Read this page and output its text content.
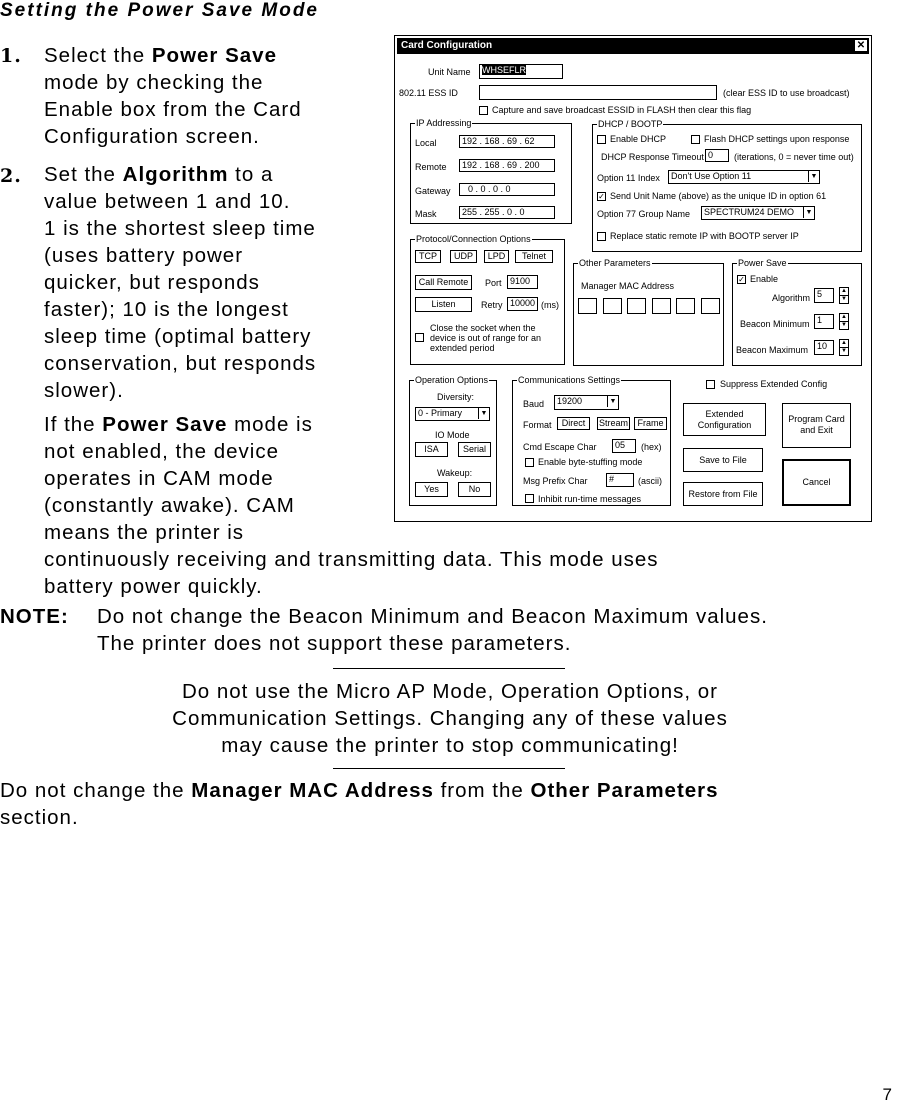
Setting the Power Save Mode
1. Select the Power Save
mode by checking the
Enable box from the Card
Configuration screen.
2. Set the Algorithm to a
value between 1 and 10.
1 is the shortest sleep time
(uses battery power
quicker, but responds
faster); 10 is the longest
sleep time (optimal battery
conservation, but responds
slower).
If the Power Save mode is
not enabled, the device
operates in CAM mode
(constantly awake). CAM
means the printer is
continuously receiving and transmitting data. This mode uses
battery power quickly.
NOTE: Do not change the Beacon Minimum and Beacon Maximum values.
The printer does not support these parameters.
Do not use the Micro AP Mode, Operation Options, or
Communication Settings. Changing any of these values
may cause the printer to stop communicating!
Do not change the Manager MAC Address from the Other Parameters
section.
7
Card Configuration	✕
Unit Name	WHSEFLR
802.11 ESS ID	(clear ESS ID to use broadcast)
Capture and save broadcast ESSID in FLASH then clear this flag
IP Addressing
Local	192 . 168 . 69 . 62
Remote	192 . 168 . 69 . 200
Gateway	0 . 0 . 0 . 0
Mask	255 . 255 . 0 . 0
DHCP / BOOTP
Enable DHCP	Flash DHCP settings upon response
DHCP Response Timeout 0	(iterations, 0 = never time out)
Option 11 Index	Don't Use Option 11	▼
✓ Send Unit Name (above) as the unique ID in option 61
Option 77 Group Name	SPECTRUM24 DEMO	▼
Replace static remote IP with BOOTP server IP
Protocol/Connection Options
TCP	UDP	LPD	Telnet
Call Remote	Port 9100
Listen	Retry 10000 (ms)
Close the socket when the device is out of range for an extended period
Other Parameters
Manager MAC Address
Power Save
✓ Enable
Algorithm 5	▲
▼
Beacon Minimum 1	▲
▼
Beacon Maximum 10	▲
▼
Operation Options
Diversity:
0 - Primary	▼
IO Mode
ISA	Serial
Wakeup:
Yes	No
Communications Settings
Baud	19200	▼
Format	Direct	Stream	Frame
Cmd Escape Char	05	(hex)
Enable byte-stuffing mode
Msg Prefix Char	#	(ascii)
Inhibit run-time messages
Suppress Extended Config
Extended Configuration
Program Card and Exit
Save to File
Restore from File
Cancel
